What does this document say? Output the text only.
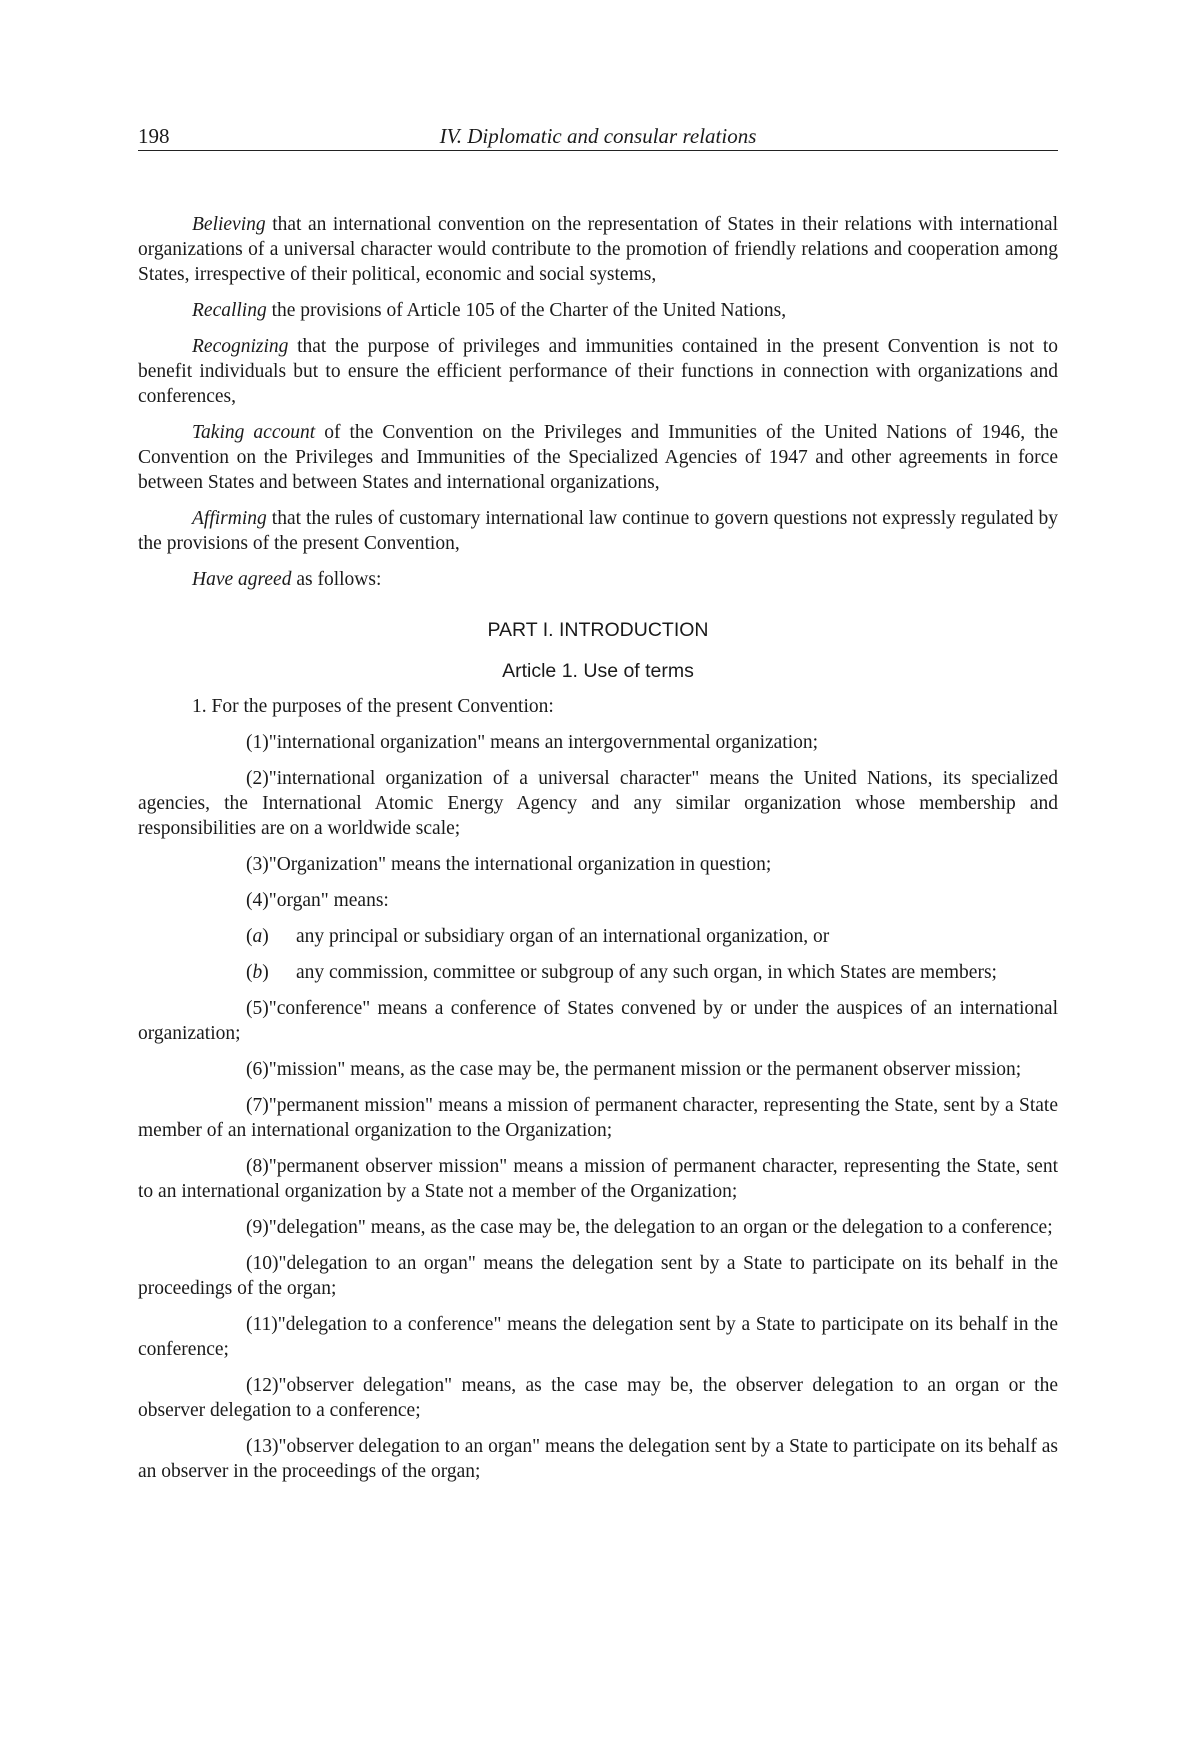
198	IV. Diplomatic and consular relations

Believing that an international convention on the representation of States in their relations with international organizations of a universal character would contribute to the promotion of friendly relations and cooperation among States, irrespective of their political, economic and social systems,

Recalling the provisions of Article 105 of the Charter of the United Nations,

Recognizing that the purpose of privileges and immunities contained in the present Convention is not to benefit individuals but to ensure the efficient performance of their functions in connection with organizations and conferences,

Taking account of the Convention on the Privileges and Immunities of the United Nations of 1946, the Convention on the Privileges and Immunities of the Specialized Agencies of 1947 and other agreements in force between States and between States and international organizations,

Affirming that the rules of customary international law continue to govern questions not expressly regulated by the provisions of the present Convention,

Have agreed as follows:

PART I. INTRODUCTION
Article 1. Use of terms

1. For the purposes of the present Convention:

(1)"international organization" means an intergovernmental organization;

(2)"international organization of a universal character" means the United Nations, its specialized agencies, the International Atomic Energy Agency and any similar organization whose membership and responsibilities are on a worldwide scale;

(3)"Organization" means the international organization in question;

(4)"organ" means:

(a)	any principal or subsidiary organ of an international organization, or
(b)	any commission, committee or subgroup of any such organ, in which States are members;

(5)"conference" means a conference of States convened by or under the auspices of an international organization;

(6)"mission" means, as the case may be, the permanent mission or the permanent observer mission;

(7)"permanent mission" means a mission of permanent character, representing the State, sent by a State member of an international organization to the Organization;

(8)"permanent observer mission" means a mission of permanent character, representing the State, sent to an international organization by a State not a member of the Organization;

(9)"delegation" means, as the case may be, the delegation to an organ or the delegation to a conference;

(10)"delegation to an organ" means the delegation sent by a State to participate on its behalf in the proceedings of the organ;

(11)"delegation to a conference" means the delegation sent by a State to participate on its behalf in the conference;

(12)"observer delegation" means, as the case may be, the observer delegation to an organ or the observer delegation to a conference;

(13)"observer delegation to an organ" means the delegation sent by a State to participate on its behalf as an observer in the proceedings of the organ;
